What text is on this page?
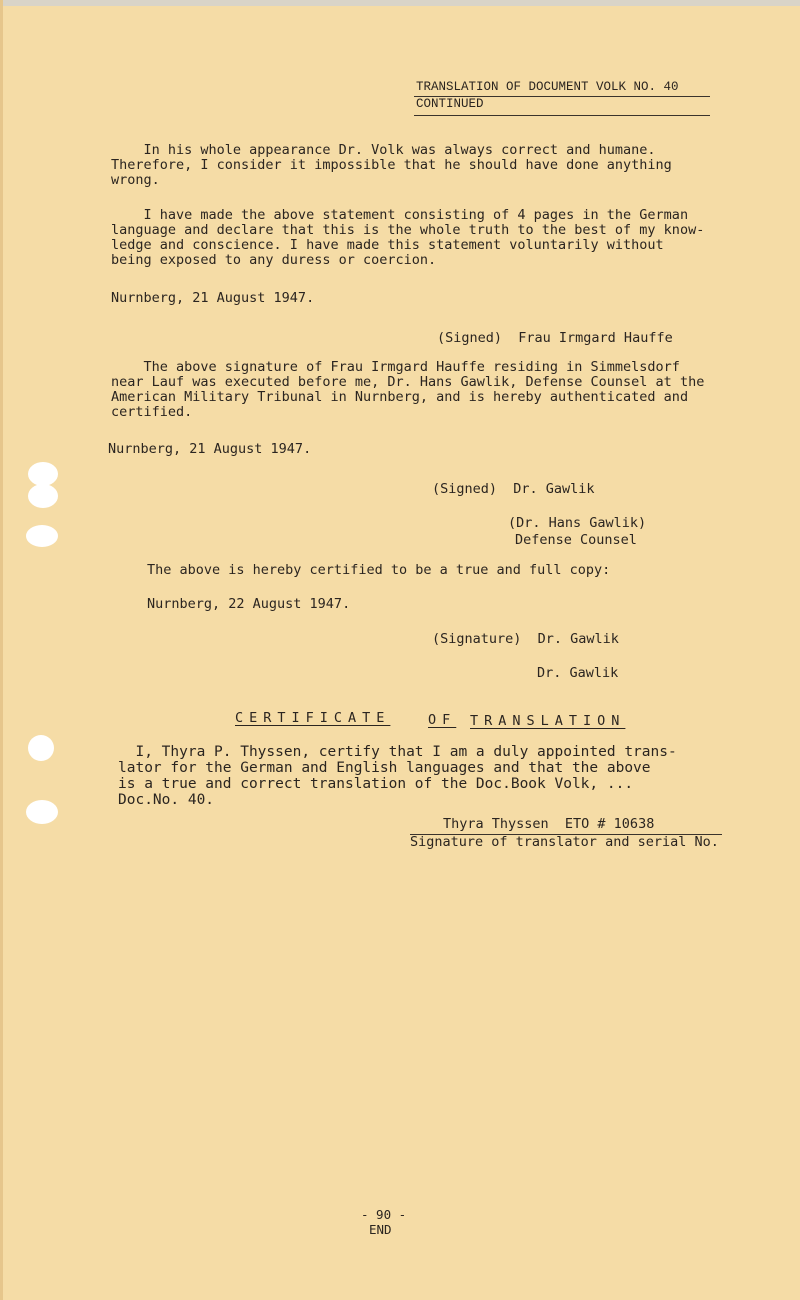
TRANSLATION OF DOCUMENT VOLK NO. 40
CONTINUED
In his whole appearance Dr. Volk was always correct and humane.
Therefore, I consider it impossible that he should have done anything
wrong.
I have made the above statement consisting of 4 pages in the German
language and declare that this is the whole truth to the best of my know-
ledge and conscience. I have made this statement voluntarily without
being exposed to any duress or coercion.
Nurnberg, 21 August 1947.
(Signed)  Frau Irmgard Hauffe
The above signature of Frau Irmgard Hauffe residing in Simmelsdorf
near Lauf was executed before me, Dr. Hans Gawlik, Defense Counsel at the
American Military Tribunal in Nurnberg, and is hereby authenticated and
certified.
Nurnberg, 21 August 1947.
(Signed)  Dr. Gawlik
(Dr. Hans Gawlik)
Defense Counsel
The above is hereby certified to be a true and full copy:
Nurnberg, 22 August 1947.
(Signature)  Dr. Gawlik
Dr. Gawlik
CERTIFICATE	OF TRANSLATION
I, Thyra P. Thyssen, certify that I am a duly appointed trans-
lator for the German and English languages and that the above
is a true and correct translation of the Doc.Book Volk, ...
Doc.No. 40.
Thyra Thyssen  ETO # 10638
Signature of translator and serial No.
- 90 -
END
